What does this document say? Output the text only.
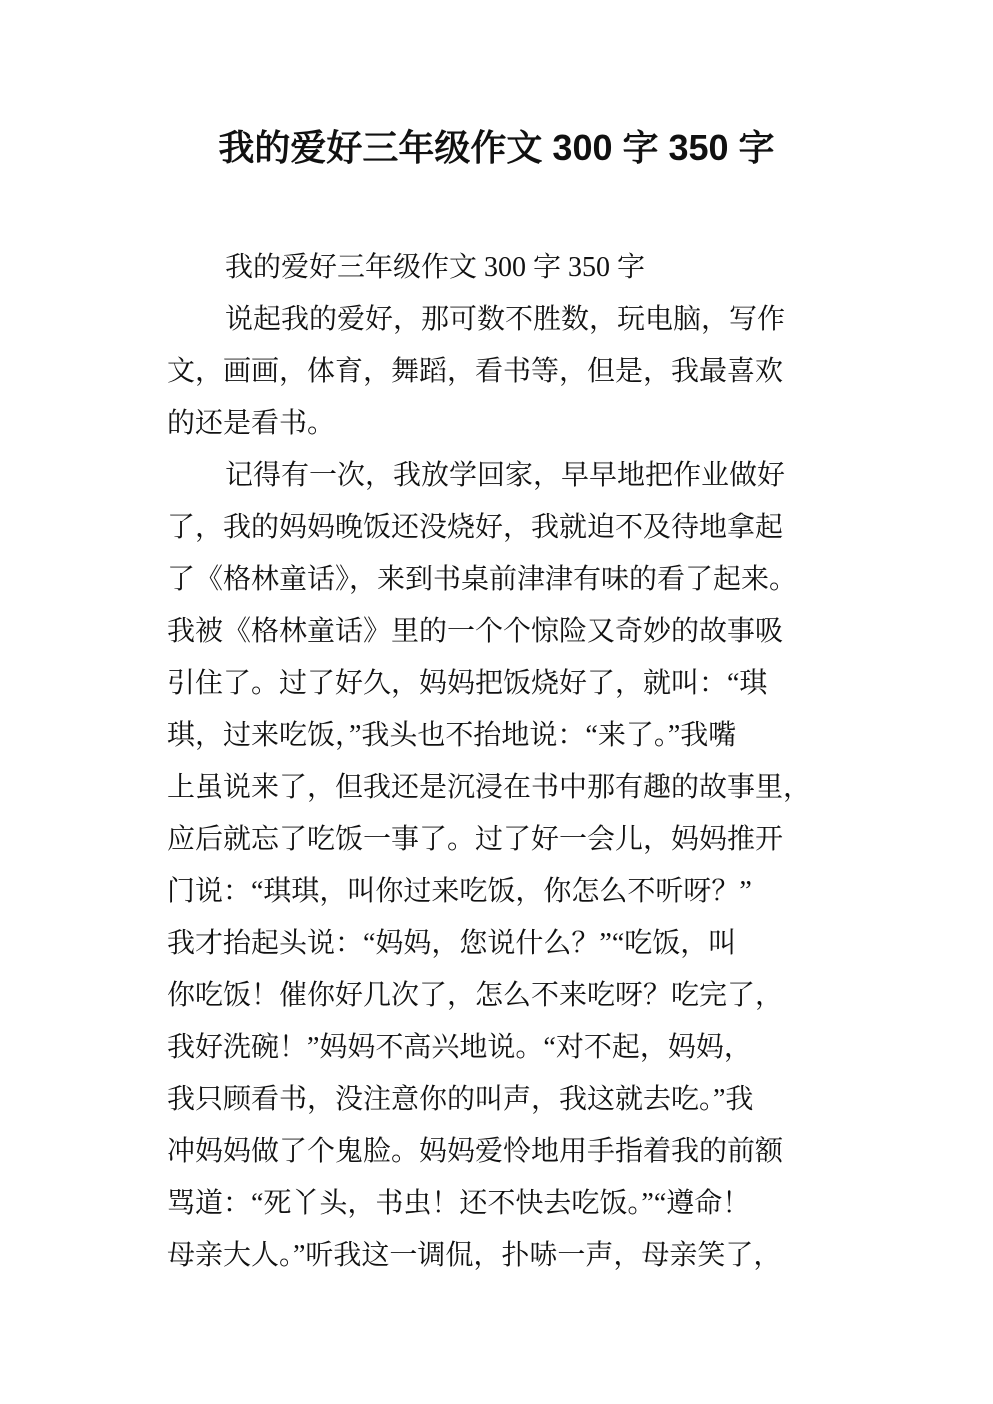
我的爱好三年级作文 300 字 350 字
我的爱好三年级作文 300 字 350 字
说起我的爱好，那可数不胜数，玩电脑，写作
文，画画，体育，舞蹈，看书等，但是，我最喜欢
的还是看书。
记得有一次，我放学回家，早早地把作业做好
了，我的妈妈晚饭还没烧好，我就迫不及待地拿起
了《格林童话》，来到书桌前津津有味的看了起来。
我被《格林童话》里的一个个惊险又奇妙的故事吸
引住了。过了好久，妈妈把饭烧好了，就叫：“琪
琪，过来吃饭，”我头也不抬地说：“来了。”我嘴
上虽说来了，但我还是沉浸在书中那有趣的故事里，
应后就忘了吃饭一事了。过了好一会儿，妈妈推开
门说：“琪琪，叫你过来吃饭，你怎么不听呀？”
我才抬起头说：“妈妈，您说什么？”“吃饭，叫
你吃饭！催你好几次了，怎么不来吃呀？吃完了，
我好洗碗！”妈妈不高兴地说。“对不起，妈妈，
我只顾看书，没注意你的叫声，我这就去吃。”我
冲妈妈做了个鬼脸。妈妈爱怜地用手指着我的前额
骂道：“死丫头，书虫！还不快去吃饭。”“遵命！
母亲大人。”听我这一调侃，扑哧一声，母亲笑了，
